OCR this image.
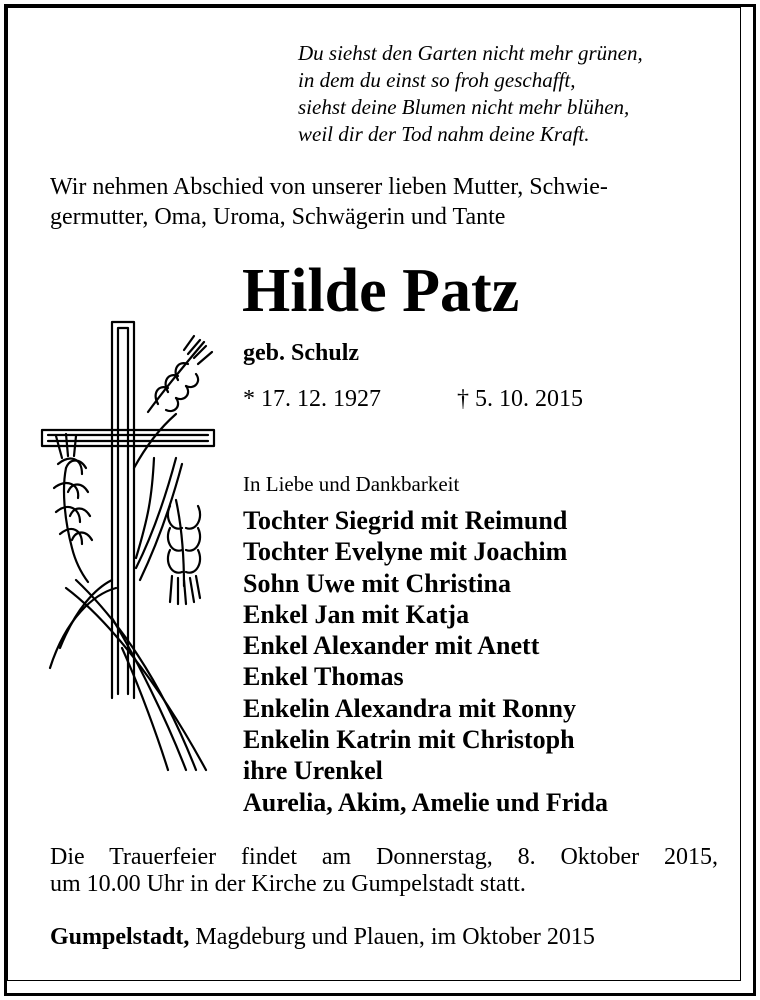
Du siehst den Garten nicht mehr grünen,
in dem du einst so froh geschafft,
siehst deine Blumen nicht mehr blühen,
weil dir der Tod nahm deine Kraft.
Wir nehmen Abschied von unserer lieben Mutter, Schwie-
germutter, Oma, Uroma, Schwägerin und Tante
Hilde Patz
geb. Schulz
* 17. 12. 1927	† 5. 10. 2015
In Liebe und Dankbarkeit
Tochter Siegrid mit Reimund
Tochter Evelyne mit Joachim
Sohn Uwe mit Christina
Enkel Jan mit Katja
Enkel Alexander mit Anett
Enkel Thomas
Enkelin Alexandra mit Ronny
Enkelin Katrin mit Christoph
ihre Urenkel
Aurelia, Akim, Amelie und Frida
Die Trauerfeier findet am Donnerstag, 8. Oktober 2015,
um 10.00 Uhr in der Kirche zu Gumpelstadt statt.
Gumpelstadt, Magdeburg und Plauen, im Oktober 2015
